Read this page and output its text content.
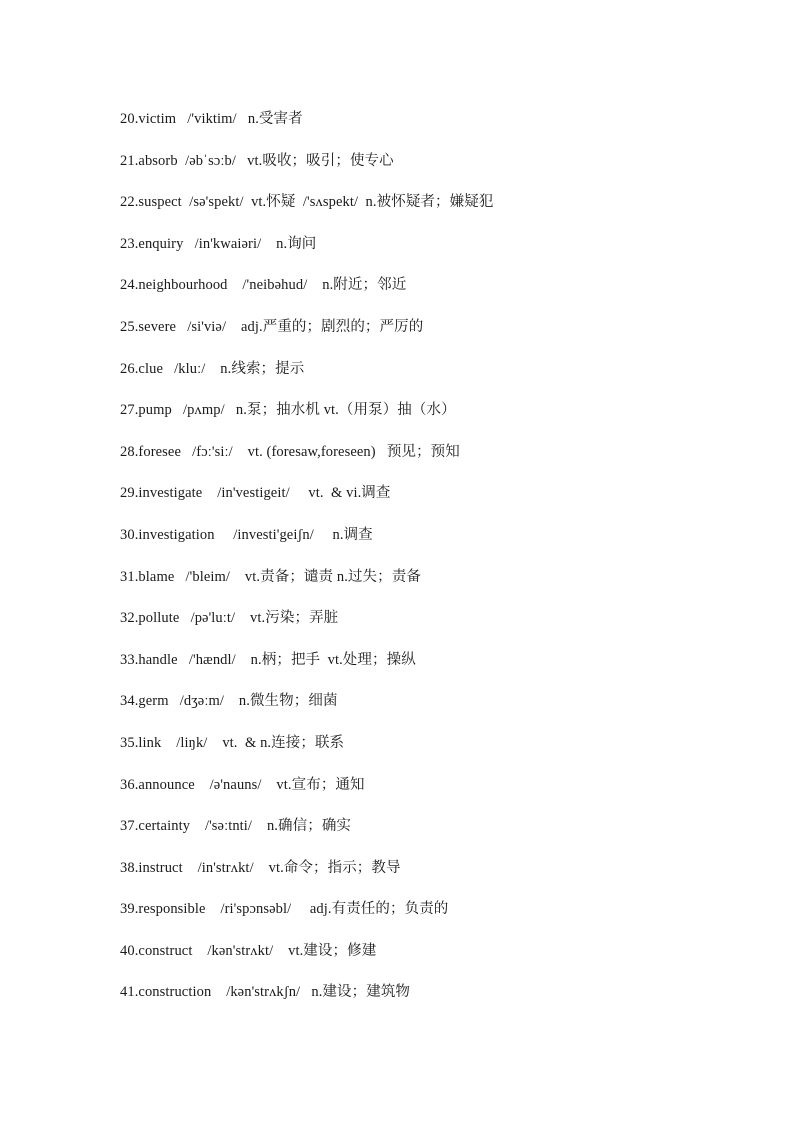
20.victim   /'viktim/   n.受害者
21.absorb  /əbˈsɔːb/   vt.吸收；吸引；使专心
22.suspect  /sə'spekt/  vt.怀疑  /'sʌspekt/  n.被怀疑者；嫌疑犯
23.enquiry   /in'kwaiəri/    n.询问
24.neighbourhood    /'neibəhud/    n.附近；邻近
25.severe   /si'viə/    adj.严重的；剧烈的；严厉的
26.clue   /kluː/    n.线索；提示
27.pump   /pʌmp/   n.泵；抽水机 vt.（用泵）抽（水）
28.foresee   /fɔː'siː/    vt. (foresaw,foreseen)   预见；预知
29.investigate    /in'vestigeit/     vt.  & vi.调查
30.investigation     /investi'geiʃn/     n.调查
31.blame   /'bleim/    vt.责备；谴责 n.过失；责备
32.pollute   /pə'luːt/    vt.污染；弄脏
33.handle   /'hændl/    n.柄；把手  vt.处理；操纵
34.germ   /dʒəːm/    n.微生物；细菌
35.link    /liŋk/    vt.  & n.连接；联系
36.announce    /ə'nauns/    vt.宣布；通知
37.certainty    /'səːtnti/    n.确信；确实
38.instruct    /in'strʌkt/    vt.命令；指示；教导
39.responsible    /ri'spɔnsəbl/     adj.有责任的；负责的
40.construct    /kən'strʌkt/    vt.建设；修建
41.construction    /kən'strʌkʃn/   n.建设；建筑物
